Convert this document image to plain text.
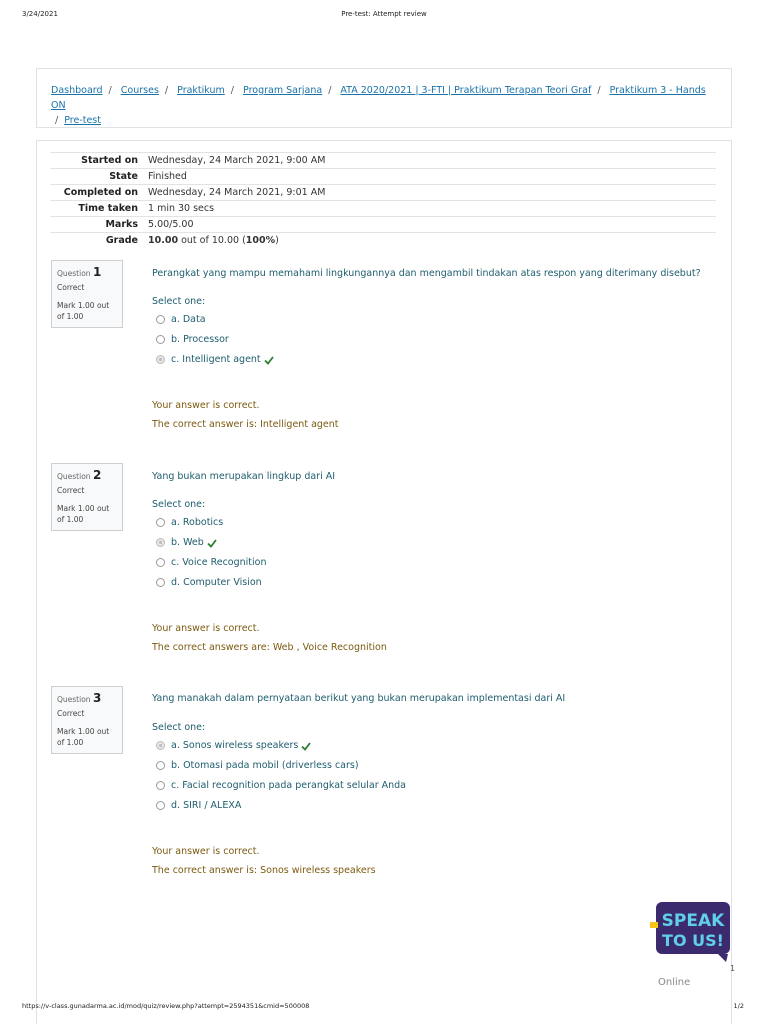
3/24/2021	Pre-test: Attempt review
Dashboard / Courses / Praktikum / Program Sarjana / ATA 2020/2021 | 3-FTI | Praktikum Terapan Teori Graf / Praktikum 3 - Hands ON
/ Pre-test
Started on	Wednesday, 24 March 2021, 9:00 AM
State	Finished
Completed on	Wednesday, 24 March 2021, 9:01 AM
Time taken	1 min 30 secs
Marks	5.00/5.00
Grade	10.00 out of 10.00 (100%)
Question 1
Correct
Mark 1.00 out of 1.00
Perangkat yang mampu memahami lingkungannya dan mengambil tindakan atas respon yang diterimany disebut?
Select one:
a. Data
b. Processor
c. Intelligent agent
Your answer is correct.
The correct answer is: Intelligent agent
Question 2
Correct
Mark 1.00 out of 1.00
Yang bukan merupakan lingkup dari AI
Select one:
a. Robotics
b. Web
c. Voice Recognition
d. Computer Vision
Your answer is correct.
The correct answers are: Web , Voice Recognition
Question 3
Correct
Mark 1.00 out of 1.00
Yang manakah dalam pernyataan berikut yang bukan merupakan implementasi dari AI
Select one:
a. Sonos wireless speakers
b. Otomasi pada mobil (driverless cars)
c. Facial recognition pada perangkat selular Anda
d. SIRI / ALEXA
Your answer is correct.
The correct answer is: Sonos wireless speakers
SPEAK
TO US!
1
Online
https://v-class.gunadarma.ac.id/mod/quiz/review.php?attempt=2594351&cmid=500008	1/2
